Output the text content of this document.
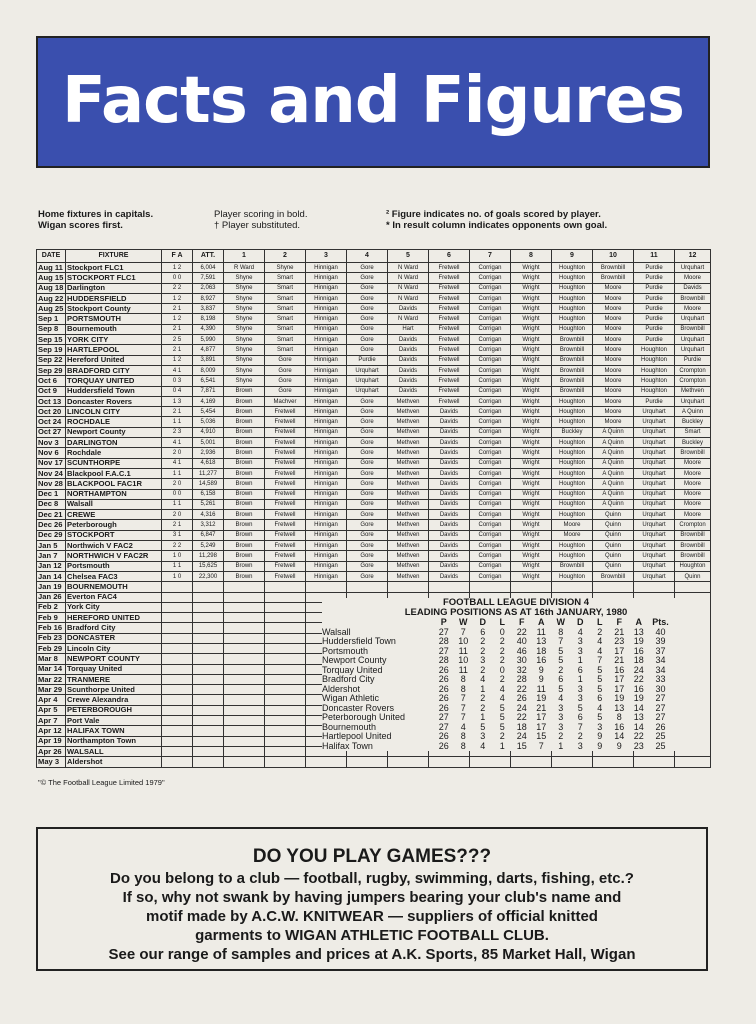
Facts and Figures
Home fixtures in capitals.
Wigan scores first.
Player scoring in bold.
† Player substituted.
² Figure indicates no. of goals scored by player.
* In result column indicates opponents own goal.
DATE	FIXTURE	F A	ATT.	1	2	3	4	5	6	7	8	9	10	11	12
Aug 11	Stockport FLC1	1 2	6,004	R Ward	Shyne	Hinnigan	Gore	N Ward	Fretwell	Corrigan	Wright	Houghton	Brownbill	Purdie	Urquhart
Aug 15	STOCKPORT FLC1	0 0	7,591	Shyne	Smart	Hinnigan	Gore	N Ward	Fretwell	Corrigan	Wright	Houghton	Brownbill	Purdie	Moore
Aug 18	Darlington	2 2	2,063	Shyne	Smart	Hinnigan	Gore	N Ward	Fretwell	Corrigan	Wright	Houghton	Moore	Purdie	Davids
Aug 22	HUDDERSFIELD	1 2	8,927	Shyne	Smart	Hinnigan	Gore	N Ward	Fretwell	Corrigan	Wright	Houghton	Moore	Purdie	Brownbill
Aug 25	Stockport County	2 1	3,837	Shyne	Smart	Hinnigan	Gore	Davids	Fretwell	Corrigan	Wright	Houghton	Moore	Purdie	Moore
Sep 1	PORTSMOUTH	1 2	8,198	Shyne	Smart	Hinnigan	Gore	N Ward	Fretwell	Corrigan	Wright	Houghton	Moore	Purdie	Urquhart
Sep 8	Bournemouth	2 1	4,390	Shyne	Smart	Hinnigan	Gore	Hart	Fretwell	Corrigan	Wright	Houghton	Moore	Purdie	Brownbill
Sep 15	YORK CITY	2 5	5,990	Shyne	Smart	Hinnigan	Gore	Davids	Fretwell	Corrigan	Wright	Brownbill	Moore	Purdie	Urquhart
Sep 19	HARTLEPOOL	2 1	4,877	Shyne	Smart	Hinnigan	Gore	Davids	Fretwell	Corrigan	Wright	Brownbill	Moore	Houghton	Urquhart
Sep 22	Hereford United	1 2	3,891	Shyne	Gore	Hinnigan	Purdie	Davids	Fretwell	Corrigan	Wright	Brownbill	Moore	Houghton	Purdie
Sep 29	BRADFORD CITY	4 1	8,009	Shyne	Gore	Hinnigan	Urquhart	Davids	Fretwell	Corrigan	Wright	Brownbill	Moore	Houghton	Crompton
Oct 6	TORQUAY UNITED	0 3	6,541	Shyne	Gore	Hinnigan	Urquhart	Davids	Fretwell	Corrigan	Wright	Brownbill	Moore	Houghton	Crompton
Oct 9	Huddersfield Town	0 4	7,871	Brown	Gore	Hinnigan	Urquhart	Davids	Fretwell	Corrigan	Wright	Brownbill	Moore	Houghton	Methven
Oct 13	Doncaster Rovers	1 3	4,169	Brown	Machver	Hinnigan	Gore	Methven	Fretwell	Corrigan	Wright	Houghton	Moore	Purdie	Urquhart
Oct 20	LINCOLN CITY	2 1	5,454	Brown	Fretwell	Hinnigan	Gore	Methven	Davids	Corrigan	Wright	Houghton	Moore	Urquhart	A Quinn
Oct 24	ROCHDALE	1 1	5,036	Brown	Fretwell	Hinnigan	Gore	Methven	Davids	Corrigan	Wright	Houghton	Moore	Urquhart	Buckley
Oct 27	Newport County	2 3	4,910	Brown	Fretwell	Hinnigan	Gore	Methven	Davids	Corrigan	Wright	Buckley	A Quinn	Urquhart	Smart
Nov 3	DARLINGTON	4 1	5,001	Brown	Fretwell	Hinnigan	Gore	Methven	Davids	Corrigan	Wright	Houghton	A Quinn	Urquhart	Buckley
Nov 6	Rochdale	2 0	2,936	Brown	Fretwell	Hinnigan	Gore	Methven	Davids	Corrigan	Wright	Houghton	A Quinn	Urquhart	Brownbill
Nov 17	SCUNTHORPE	4 1	4,618	Brown	Fretwell	Hinnigan	Gore	Methven	Davids	Corrigan	Wright	Houghton	A Quinn	Urquhart	Moore
Nov 24	Blackpool F.A.C.1	1 1	11,277	Brown	Fretwell	Hinnigan	Gore	Methven	Davids	Corrigan	Wright	Houghton	A Quinn	Urquhart	Moore
Nov 28	BLACKPOOL FAC1R	2 0	14,589	Brown	Fretwell	Hinnigan	Gore	Methven	Davids	Corrigan	Wright	Houghton	A Quinn	Urquhart	Moore
Dec 1	NORTHAMPTON	0 0	6,158	Brown	Fretwell	Hinnigan	Gore	Methven	Davids	Corrigan	Wright	Houghton	A Quinn	Urquhart	Moore
Dec 8	Walsall	1 1	5,261	Brown	Fretwell	Hinnigan	Gore	Methven	Davids	Corrigan	Wright	Houghton	A Quinn	Urquhart	Moore
Dec 21	CREWE	2 0	4,316	Brown	Fretwell	Hinnigan	Gore	Methven	Davids	Corrigan	Wright	Houghton	Quinn	Urquhart	Moore
Dec 26	Peterborough	2 1	3,312	Brown	Fretwell	Hinnigan	Gore	Methven	Davids	Corrigan	Wright	Moore	Quinn	Urquhart	Crompton
Dec 29	STOCKPORT	3 1	6,847	Brown	Fretwell	Hinnigan	Gore	Methven	Davids	Corrigan	Wright	Moore	Quinn	Urquhart	Brownbill
Jan 5	Northwich V FAC2	2 2	5,249	Brown	Fretwell	Hinnigan	Gore	Methven	Davids	Corrigan	Wright	Houghton	Quinn	Urquhart	Brownbill
Jan 7	NORTHWICH V FAC2R	1 0	11,298	Brown	Fretwell	Hinnigan	Gore	Methven	Davids	Corrigan	Wright	Houghton	Quinn	Urquhart	Brownbill
Jan 12	Portsmouth	1 1	15,625	Brown	Fretwell	Hinnigan	Gore	Methven	Davids	Corrigan	Wright	Brownbill	Quinn	Urquhart	Houghton
Jan 14	Chelsea FAC3	1 0	22,300	Brown	Fretwell	Hinnigan	Gore	Methven	Davids	Corrigan	Wright	Houghton	Brownbill	Urquhart	Quinn
Jan 19	BOURNEMOUTH														
Jan 26	Everton FAC4														
Feb 2	York City														
Feb 9	HEREFORD UNITED														
Feb 16	Bradford City														
Feb 23	DONCASTER														
Feb 29	Lincoln City														
Mar 8	NEWPORT COUNTY														
Mar 14	Torquay United														
Mar 22	TRANMERE														
Mar 29	Scunthorpe United														
Apr 4	Crewe Alexandra														
Apr 5	PETERBOROUGH														
Apr 7	Port Vale														
Apr 12	HALIFAX TOWN														
Apr 19	Northampton Town														
Apr 26	WALSALL														
May 3	Aldershot														
FOOTBALL LEAGUE DIVISION 4
LEADING POSITIONS AS AT 16th JANUARY, 1980
	P	W	D	L	F	A	W	D	L	F	A	Pts.
Walsall	27	7	6	0	22	11	8	4	2	21	13	40
Huddersfield Town	28	10	2	2	40	13	7	3	4	23	19	39
Portsmouth	27	11	2	2	46	18	5	3	4	17	16	37
Newport County	28	10	3	2	30	16	5	1	7	21	18	34
Torquay United	26	11	2	0	32	9	2	6	5	16	24	34
Bradford City	26	8	4	2	28	9	6	1	5	17	22	33
Aldershot	26	8	1	4	22	11	5	3	5	17	16	30
Wigan Athletic	26	7	2	4	26	19	4	3	6	19	19	27
Doncaster Rovers	26	7	2	5	24	21	3	5	4	13	14	27
Peterborough United	27	7	1	5	22	17	3	6	5	8	13	27
Bournemouth	27	4	5	5	18	17	3	7	3	16	14	26
Hartlepool United	26	8	3	2	24	15	2	2	9	14	22	25
Halifax Town	26	8	4	1	15	7	1	3	9	9	23	25
"© The Football League Limited 1979"
DO YOU PLAY GAMES???
Do you belong to a club — football, rugby, swimming, darts, fishing, etc.?
If so, why not swank by having jumpers bearing your club's name and
motif made by A.C.W. KNITWEAR — suppliers of official knitted
garments to WIGAN ATHLETIC FOOTBALL CLUB.
See our range of samples and prices at A.K. Sports, 85 Market Hall, Wigan
